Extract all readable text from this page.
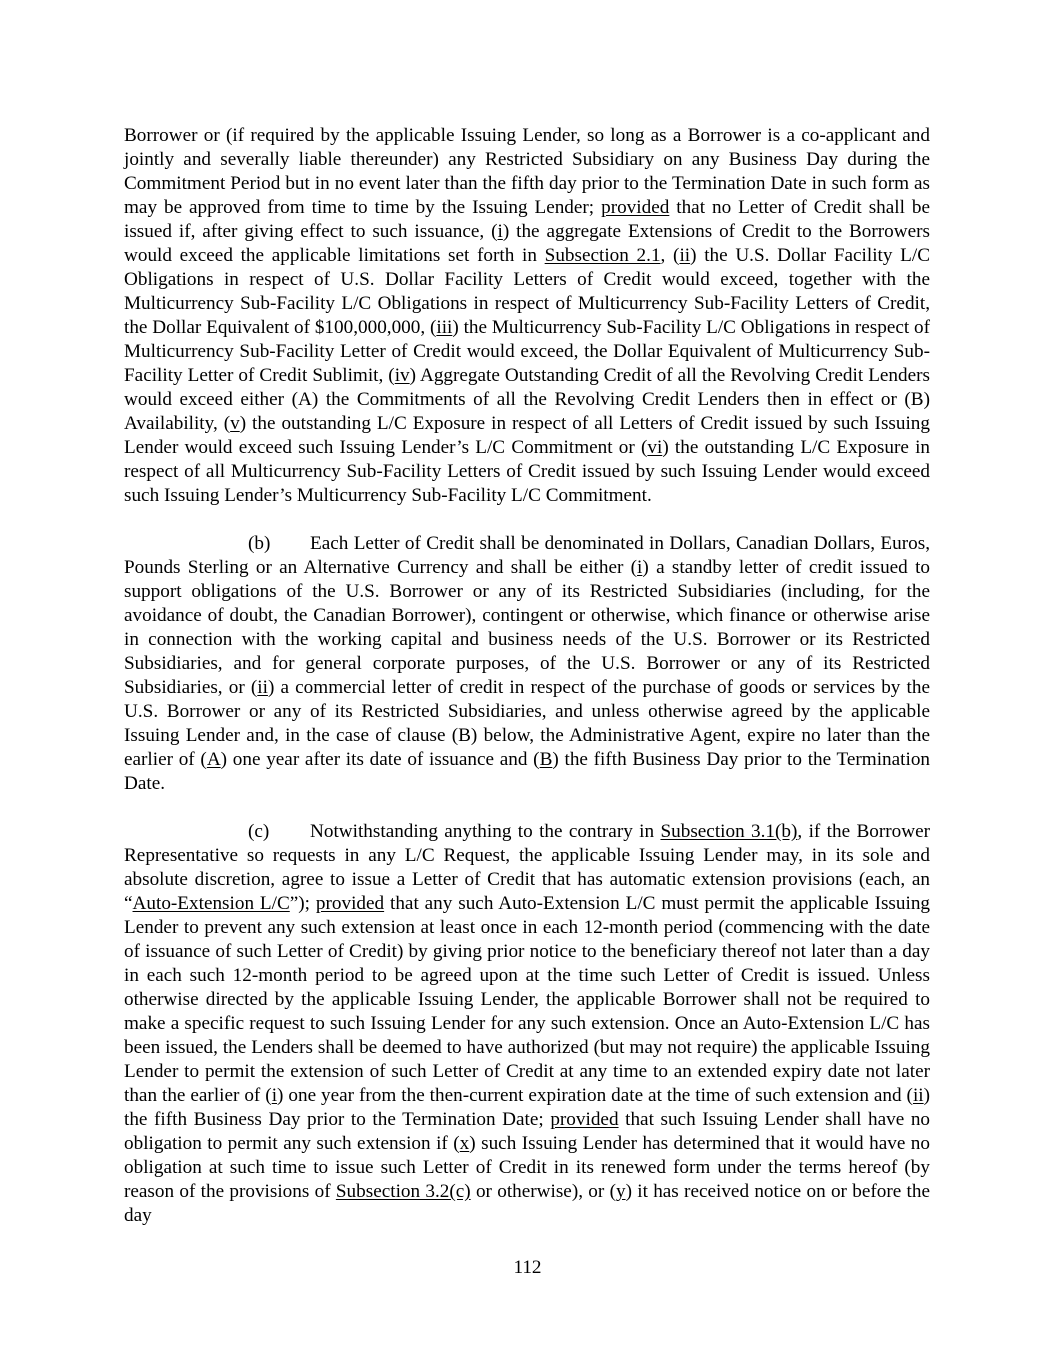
Borrower or (if required by the applicable Issuing Lender, so long as a Borrower is a co-applicant and jointly and severally liable thereunder) any Restricted Subsidiary on any Business Day during the Commitment Period but in no event later than the fifth day prior to the Termination Date in such form as may be approved from time to time by the Issuing Lender; provided that no Letter of Credit shall be issued if, after giving effect to such issuance, (i) the aggregate Extensions of Credit to the Borrowers would exceed the applicable limitations set forth in Subsection 2.1, (ii) the U.S. Dollar Facility L/C Obligations in respect of U.S. Dollar Facility Letters of Credit would exceed, together with the Multicurrency Sub-Facility L/C Obligations in respect of Multicurrency Sub-Facility Letters of Credit, the Dollar Equivalent of $100,000,000, (iii) the Multicurrency Sub-Facility L/C Obligations in respect of Multicurrency Sub-Facility Letter of Credit would exceed, the Dollar Equivalent of Multicurrency Sub-Facility Letter of Credit Sublimit, (iv) Aggregate Outstanding Credit of all the Revolving Credit Lenders would exceed either (A) the Commitments of all the Revolving Credit Lenders then in effect or (B) Availability, (v) the outstanding L/C Exposure in respect of all Letters of Credit issued by such Issuing Lender would exceed such Issuing Lender’s L/C Commitment or (vi) the outstanding L/C Exposure in respect of all Multicurrency Sub-Facility Letters of Credit issued by such Issuing Lender would exceed such Issuing Lender’s Multicurrency Sub-Facility L/C Commitment.

(b) Each Letter of Credit shall be denominated in Dollars, Canadian Dollars, Euros, Pounds Sterling or an Alternative Currency and shall be either (i) a standby letter of credit issued to support obligations of the U.S. Borrower or any of its Restricted Subsidiaries (including, for the avoidance of doubt, the Canadian Borrower), contingent or otherwise, which finance or otherwise arise in connection with the working capital and business needs of the U.S. Borrower or its Restricted Subsidiaries, and for general corporate purposes, of the U.S. Borrower or any of its Restricted Subsidiaries, or (ii) a commercial letter of credit in respect of the purchase of goods or services by the U.S. Borrower or any of its Restricted Subsidiaries, and unless otherwise agreed by the applicable Issuing Lender and, in the case of clause (B) below, the Administrative Agent, expire no later than the earlier of (A) one year after its date of issuance and (B) the fifth Business Day prior to the Termination Date.

(c) Notwithstanding anything to the contrary in Subsection 3.1(b), if the Borrower Representative so requests in any L/C Request, the applicable Issuing Lender may, in its sole and absolute discretion, agree to issue a Letter of Credit that has automatic extension provisions (each, an “Auto-Extension L/C”); provided that any such Auto-Extension L/C must permit the applicable Issuing Lender to prevent any such extension at least once in each 12-month period (commencing with the date of issuance of such Letter of Credit) by giving prior notice to the beneficiary thereof not later than a day in each such 12-month period to be agreed upon at the time such Letter of Credit is issued. Unless otherwise directed by the applicable Issuing Lender, the applicable Borrower shall not be required to make a specific request to such Issuing Lender for any such extension. Once an Auto-Extension L/C has been issued, the Lenders shall be deemed to have authorized (but may not require) the applicable Issuing Lender to permit the extension of such Letter of Credit at any time to an extended expiry date not later than the earlier of (i) one year from the then-current expiration date at the time of such extension and (ii) the fifth Business Day prior to the Termination Date; provided that such Issuing Lender shall have no obligation to permit any such extension if (x) such Issuing Lender has determined that it would have no obligation at such time to issue such Letter of Credit in its renewed form under the terms hereof (by reason of the provisions of Subsection 3.2(c) or otherwise), or (y) it has received notice on or before the day

112
